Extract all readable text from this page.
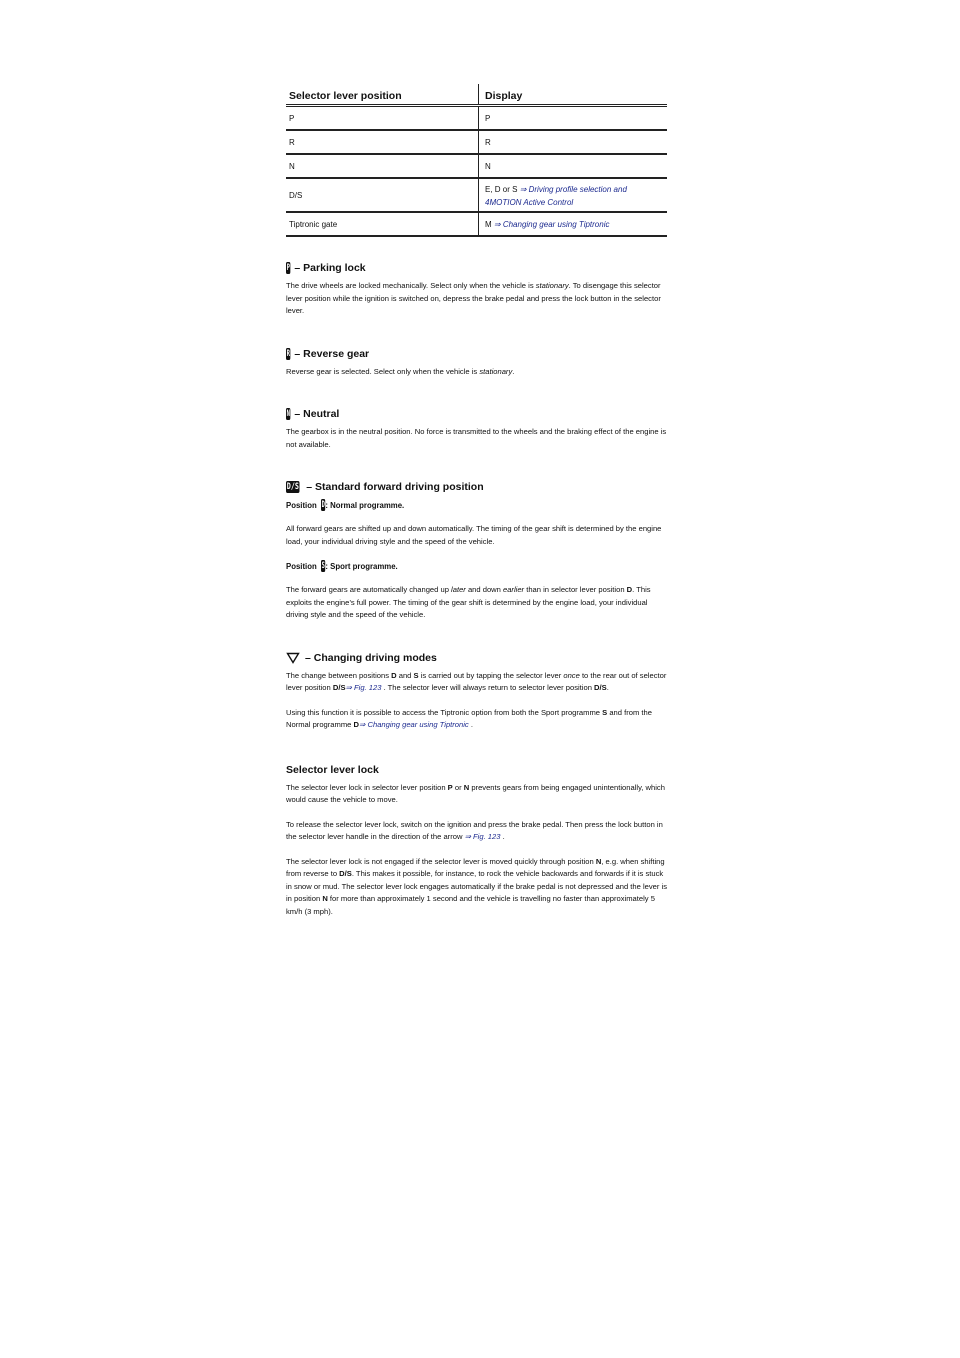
Selector lever position	Display
P	P
R	R
N	N
D/S	E, D or S ⇒ Driving profile selection and 4MOTION Active Control
Tiptronic gate	M ⇒ Changing gear using Tiptronic
P – Parking lock

The drive wheels are locked mechanically. Select only when the vehicle is stationary. To disengage this selector lever position while the ignition is switched on, depress the brake pedal and press the lock button in the selector lever.

R – Reverse gear

Reverse gear is selected. Select only when the vehicle is stationary.

N – Neutral

The gearbox is in the neutral position. No force is transmitted to the wheels and the braking effect of the engine is not available.

D/S – Standard forward driving position
Position
D : Normal programme.

All forward gears are shifted up and down automatically. The timing of the gear shift is determined by the engine load, your individual driving style and the speed of the vehicle.

Position
S : Sport programme.

The forward gears are automatically changed up later and down earlier than in selector lever position D. This exploits the engine’s full power. The timing of the gear shift is determined by the engine load, your individual driving style and the speed of the vehicle.

– Changing driving modes

The change between positions D and S is carried out by tapping the selector lever once to the rear out of selector lever position D/S⇒ Fig. 123 . The selector lever will always return to selector lever position D/S.

Using this function it is possible to access the Tiptronic option from both the Sport programme S and from the Normal programme D⇒ Changing gear using Tiptronic .

Selector lever lock

The selector lever lock in selector lever position P or N prevents gears from being engaged unintentionally, which would cause the vehicle to move.

To release the selector lever lock, switch on the ignition and press the brake pedal. Then press the lock button in the selector lever handle in the direction of the arrow ⇒ Fig. 123 .

The selector lever lock is not engaged if the selector lever is moved quickly through position N, e.g. when shifting from reverse to D/S. This makes it possible, for instance, to rock the vehicle backwards and forwards if it is stuck in snow or mud. The selector lever lock engages automatically if the brake pedal is not depressed and the lever is in position N for more than approximately 1 second and the vehicle is travelling no faster than approximately 5 km/h (3 mph).
